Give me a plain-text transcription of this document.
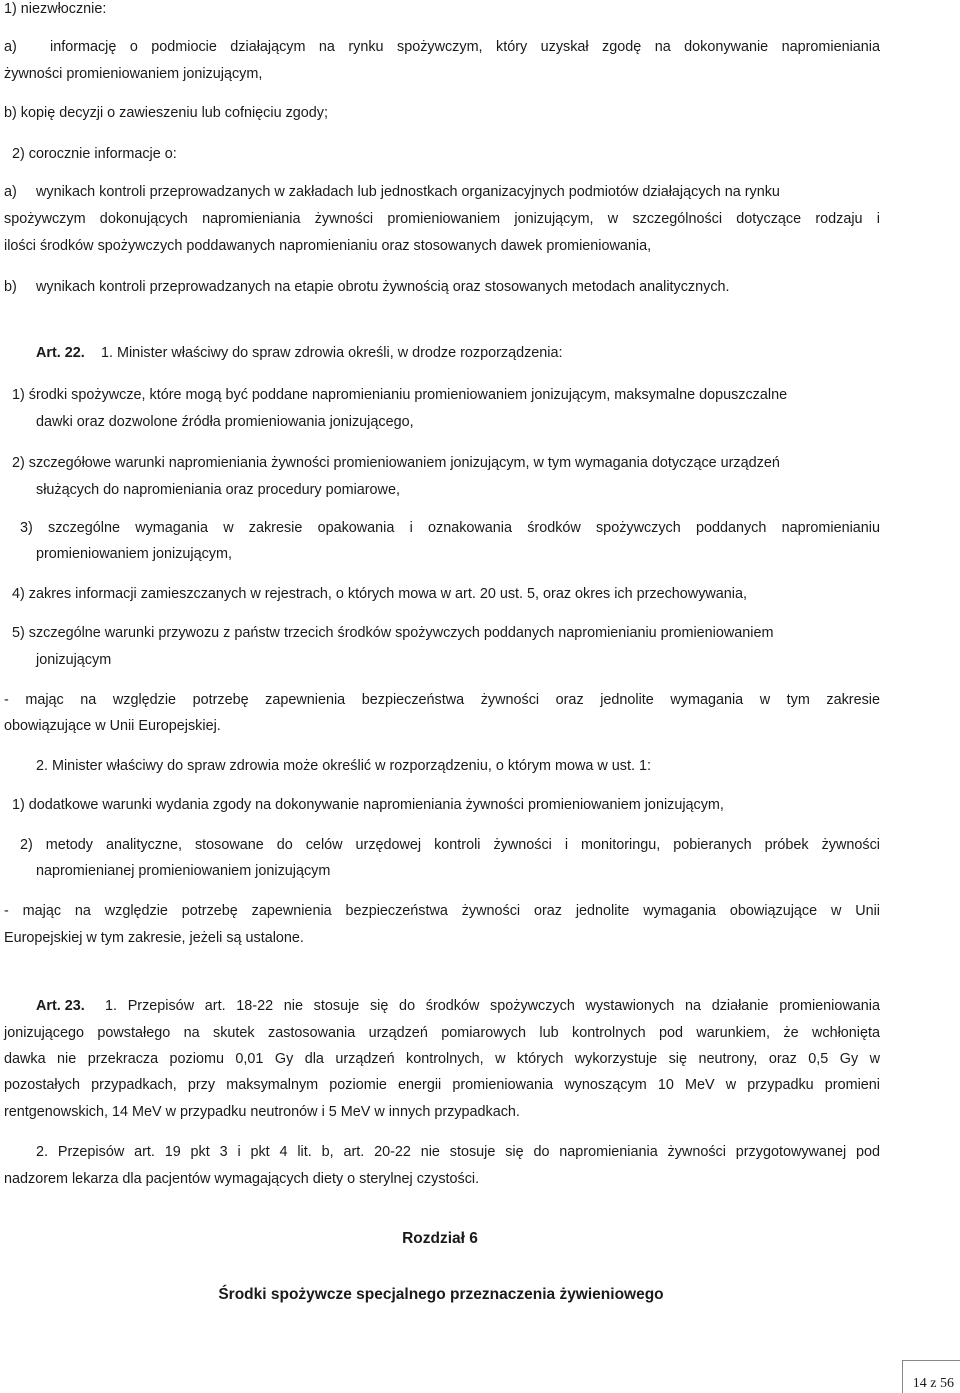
1) niezwłocznie:
a) informację o podmiocie działającym na rynku spożywczym, który uzyskał zgodę na dokonywanie napromieniania
żywności promieniowaniem jonizującym,
b) kopię decyzji o zawieszeniu lub cofnięciu zgody;
2) corocznie informacje o:
a) wynikach kontroli przeprowadzanych w zakładach lub jednostkach organizacyjnych podmiotów działających na rynku
spożywczym dokonujących napromieniania żywności promieniowaniem jonizującym, w szczególności dotyczące rodzaju i
ilości środków spożywczych poddawanych napromienianiu oraz stosowanych dawek promieniowania,
b) wynikach kontroli przeprowadzanych na etapie obrotu żywnością oraz stosowanych metodach analitycznych.
Art. 22. 1. Minister właściwy do spraw zdrowia określi, w drodze rozporządzenia:
1) środki spożywcze, które mogą być poddane napromienianiu promieniowaniem jonizującym, maksymalne dopuszczalne
dawki oraz dozwolone źródła promieniowania jonizującego,
2) szczegółowe warunki napromieniania żywności promieniowaniem jonizującym, w tym wymagania dotyczące urządzeń
służących do napromieniania oraz procedury pomiarowe,
3) szczególne wymagania w zakresie opakowania i oznakowania środków spożywczych poddanych napromienianiu
promieniowaniem jonizującym,
4) zakres informacji zamieszczanych w rejestrach, o których mowa w art. 20 ust. 5, oraz okres ich przechowywania,
5) szczególne warunki przywozu z państw trzecich środków spożywczych poddanych napromienianiu promieniowaniem
jonizującym
- mając na względzie potrzebę zapewnienia bezpieczeństwa żywności oraz jednolite wymagania w tym zakresie
obowiązujące w Unii Europejskiej.
2. Minister właściwy do spraw zdrowia może określić w rozporządzeniu, o którym mowa w ust. 1:
1) dodatkowe warunki wydania zgody na dokonywanie napromieniania żywności promieniowaniem jonizującym,
2) metody analityczne, stosowane do celów urzędowej kontroli żywności i monitoringu, pobieranych próbek żywności
napromienianej promieniowaniem jonizującym
- mając na względzie potrzebę zapewnienia bezpieczeństwa żywności oraz jednolite wymagania obowiązujące w Unii
Europejskiej w tym zakresie, jeżeli są ustalone.
Art. 23. 1. Przepisów art. 18-22 nie stosuje się do środków spożywczych wystawionych na działanie promieniowania
jonizującego powstałego na skutek zastosowania urządzeń pomiarowych lub kontrolnych pod warunkiem, że wchłonięta
dawka nie przekracza poziomu 0,01 Gy dla urządzeń kontrolnych, w których wykorzystuje się neutrony, oraz 0,5 Gy w
pozostałych przypadkach, przy maksymalnym poziomie energii promieniowania wynoszącym 10 MeV w przypadku promieni
rentgenowskich, 14 MeV w przypadku neutronów i 5 MeV w innych przypadkach.
2. Przepisów art. 19 pkt 3 i pkt 4 lit. b, art. 20-22 nie stosuje się do napromieniania żywności przygotowywanej pod
nadzorem lekarza dla pacjentów wymagających diety o sterylnej czystości.
Rozdział 6
Środki spożywcze specjalnego przeznaczenia żywieniowego
14 z 56
